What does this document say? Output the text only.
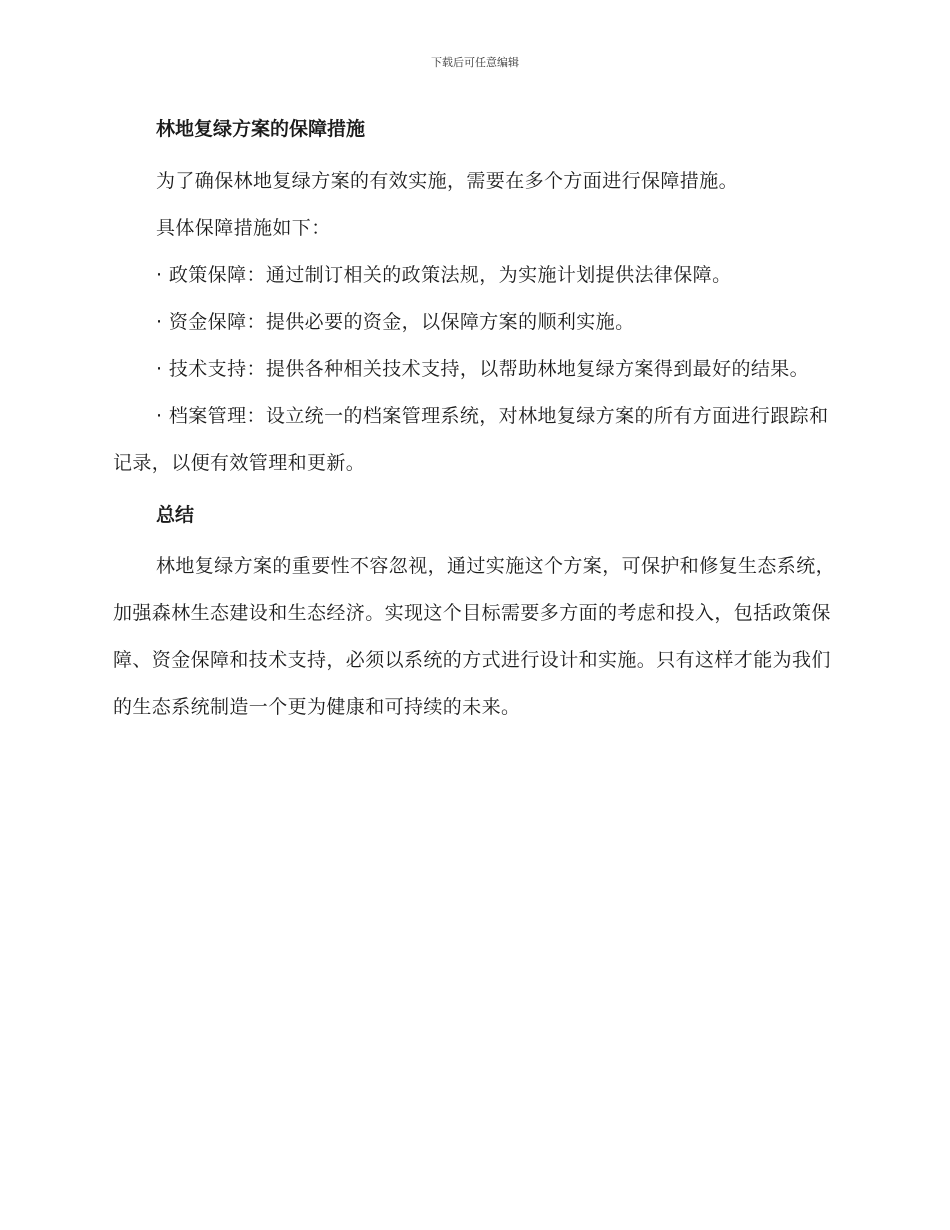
下载后可任意编辑
林地复绿方案的保障措施

为了确保林地复绿方案的有效实施，需要在多个方面进行保障措施。

具体保障措施如下：

· 政策保障：通过制订相关的政策法规，为实施计划提供法律保障。

· 资金保障：提供必要的资金，以保障方案的顺利实施。

· 技术支持：提供各种相关技术支持，以帮助林地复绿方案得到最好的结果。

· 档案管理：设立统一的档案管理系统，对林地复绿方案的所有方面进行跟踪和记录，以便有效管理和更新。

总结

林地复绿方案的重要性不容忽视，通过实施这个方案，可保护和修复生态系统，加强森林生态建设和生态经济。实现这个目标需要多方面的考虑和投入，包括政策保障、资金保障和技术支持，必须以系统的方式进行设计和实施。只有这样才能为我们的生态系统制造一个更为健康和可持续的未来。
